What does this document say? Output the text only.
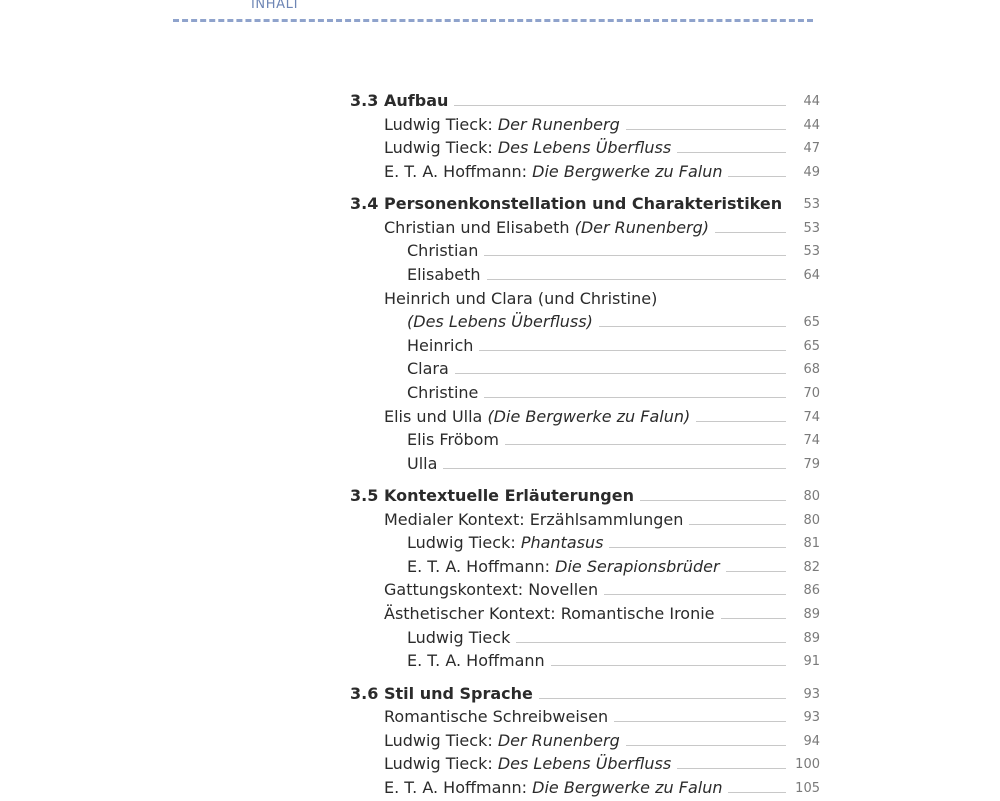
INHALT
3.3 Aufbau	44
Ludwig Tieck: Der Runenberg	44
Ludwig Tieck: Des Lebens Überfluss	47
E. T. A. Hoffmann: Die Bergwerke zu Falun	49
3.4 Personenkonstellation und Charakteristiken	53
Christian und Elisabeth (Der Runenberg)	53
Christian	53
Elisabeth	64
Heinrich und Clara (und Christine)
(Des Lebens Überfluss)	65
Heinrich	65
Clara	68
Christine	70
Elis und Ulla (Die Bergwerke zu Falun)	74
Elis Fröbom	74
Ulla	79
3.5 Kontextuelle Erläuterungen	80
Medialer Kontext: Erzählsammlungen	80
Ludwig Tieck: Phantasus	81
E. T. A. Hoffmann: Die Serapionsbrüder	82
Gattungskontext: Novellen	86
Ästhetischer Kontext: Romantische Ironie	89
Ludwig Tieck	89
E. T. A. Hoffmann	91
3.6 Stil und Sprache	93
Romantische Schreibweisen	93
Ludwig Tieck: Der Runenberg	94
Ludwig Tieck: Des Lebens Überfluss	100
E. T. A. Hoffmann: Die Bergwerke zu Falun	105
